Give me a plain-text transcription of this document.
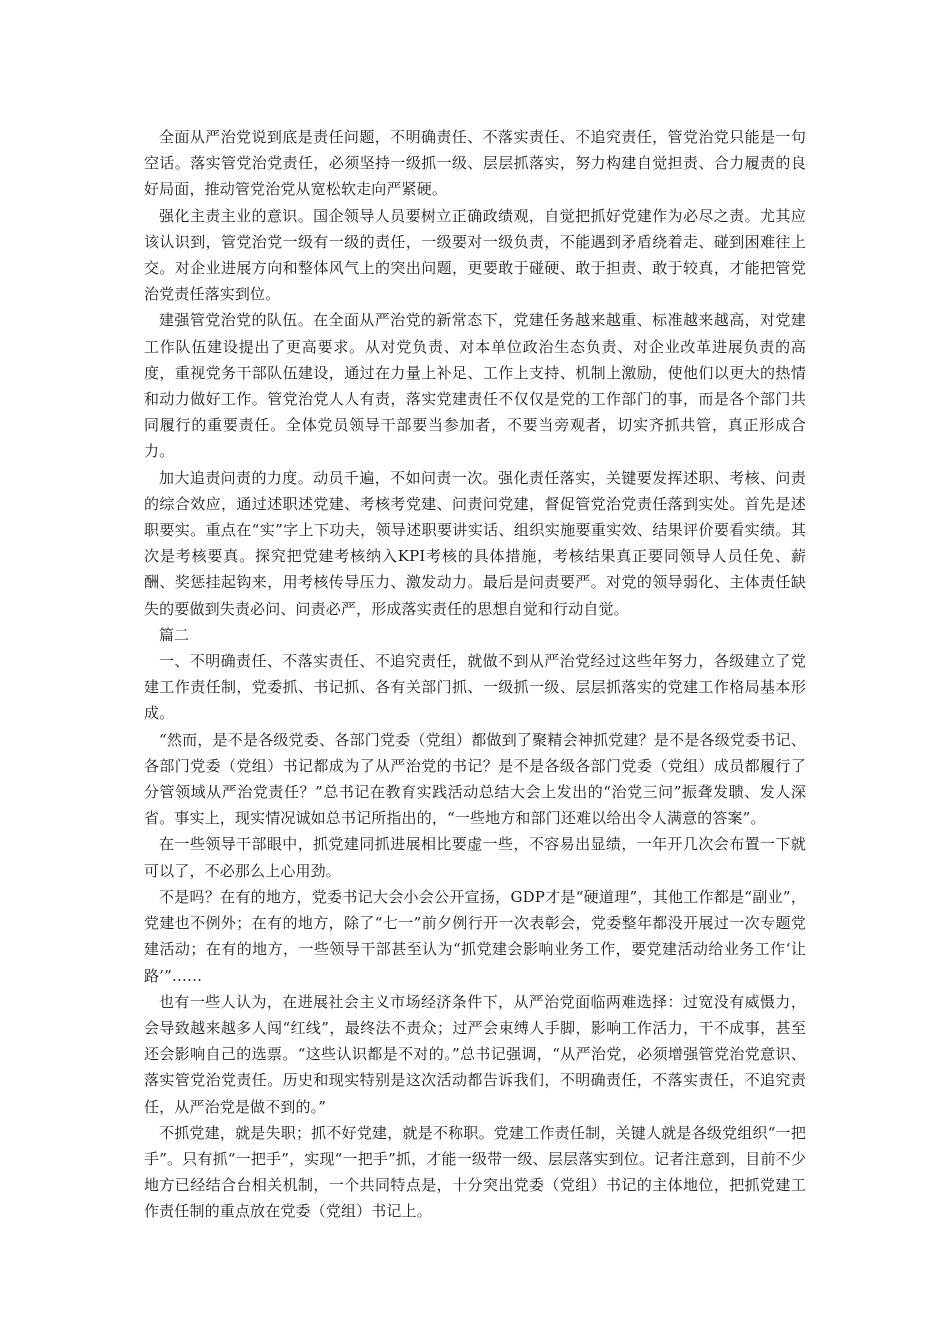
全面从严治党说到底是责任问题，不明确责任、不落实责任、不追究责任，管党治党只能是一句空话。落实管党治党责任，必须坚持一级抓一级、层层抓落实，努力构建自觉担责、合力履责的良好局面，推动管党治党从宽松软走向严紧硬。

强化主责主业的意识。国企领导人员要树立正确政绩观，自觉把抓好党建作为必尽之责。尤其应该认识到，管党治党一级有一级的责任，一级要对一级负责，不能遇到矛盾绕着走、碰到困难往上交。对企业进展方向和整体风气上的突出问题，更要敢于碰硬、敢于担责、敢于较真，才能把管党治党责任落实到位。

建强管党治党的队伍。在全面从严治党的新常态下，党建任务越来越重、标准越来越高，对党建工作队伍建设提出了更高要求。从对党负责、对本单位政治生态负责、对企业改革进展负责的高度，重视党务干部队伍建设，通过在力量上补足、工作上支持、机制上激励，使他们以更大的热情和动力做好工作。管党治党人人有责，落实党建责任不仅仅是党的工作部门的事，而是各个部门共同履行的重要责任。全体党员领导干部要当参加者，不要当旁观者，切实齐抓共管，真正形成合力。

加大追责问责的力度。动员千遍，不如问责一次。强化责任落实，关键要发挥述职、考核、问责的综合效应，通过述职述党建、考核考党建、问责问党建，督促管党治党责任落到实处。首先是述职要实。重点在“实”字上下功夫，领导述职要讲实话、组织实施要重实效、结果评价要看实绩。其次是考核要真。探究把党建考核纳入KPI考核的具体措施，考核结果真正要同领导人员任免、薪酬、奖惩挂起钩来，用考核传导压力、激发动力。最后是问责要严。对党的领导弱化、主体责任缺失的要做到失责必问、问责必严，形成落实责任的思想自觉和行动自觉。

篇二

一、不明确责任、不落实责任、不追究责任，就做不到从严治党经过这些年努力，各级建立了党建工作责任制，党委抓、书记抓、各有关部门抓、一级抓一级、层层抓落实的党建工作格局基本形成。

“然而，是不是各级党委、各部门党委（党组）都做到了聚精会神抓党建？是不是各级党委书记、各部门党委（党组）书记都成为了从严治党的书记？是不是各级各部门党委（党组）成员都履行了分管领域从严治党责任？”总书记在教育实践活动总结大会上发出的“治党三问”振聋发聩、发人深省。事实上，现实情况诚如总书记所指出的，“一些地方和部门还难以给出令人满意的答案”。

在一些领导干部眼中，抓党建同抓进展相比要虚一些，不容易出显绩，一年开几次会布置一下就可以了，不必那么上心用劲。

不是吗？在有的地方，党委书记大会小会公开宣扬，GDP才是“硬道理”，其他工作都是“副业”，党建也不例外；在有的地方，除了“七一”前夕例行开一次表彰会，党委整年都没开展过一次专题党建活动；在有的地方，一些领导干部甚至认为“抓党建会影响业务工作，要党建活动给业务工作‘让路’”……

也有一些人认为，在进展社会主义市场经济条件下，从严治党面临两难选择：过宽没有威慑力，会导致越来越多人闯“红线”，最终法不责众；过严会束缚人手脚，影响工作活力，干不成事，甚至还会影响自己的选票。“这些认识都是不对的。”总书记强调，“从严治党，必须增强管党治党意识、落实管党治党责任。历史和现实特别是这次活动都告诉我们，不明确责任，不落实责任，不追究责任，从严治党是做不到的。”

不抓党建，就是失职；抓不好党建，就是不称职。党建工作责任制，关键人就是各级党组织“一把手”。只有抓“一把手”，实现“一把手”抓，才能一级带一级、层层落实到位。记者注意到，目前不少地方已经结合台相关机制，一个共同特点是，十分突出党委（党组）书记的主体地位，把抓党建工作责任制的重点放在党委（党组）书记上。
